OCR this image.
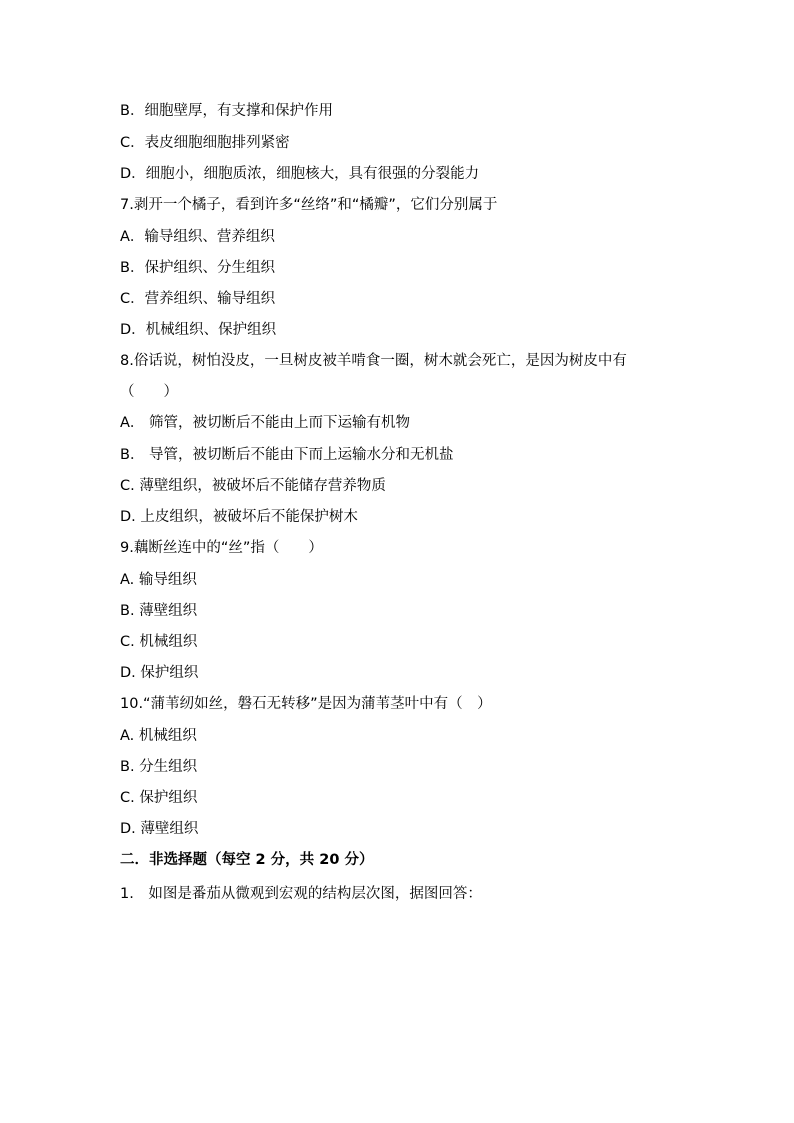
B．细胞壁厚，有支撑和保护作用
C．表皮细胞细胞排列紧密
D．细胞小，细胞质浓，细胞核大，具有很强的分裂能力
7.剥开一个橘子，看到许多“丝络”和“橘瓣”，它们分别属于
A．输导组织、营养组织
B．保护组织、分生组织
C．营养组织、输导组织
D．机械组织、保护组织
8.俗话说，树怕没皮，一旦树皮被羊啃食一圈，树木就会死亡，是因为树皮中有
（　　）
A． 筛管，被切断后不能由上而下运输有机物
B． 导管，被切断后不能由下而上运输水分和无机盐
C. 薄壁组织，被破坏后不能储存营养物质
D. 上皮组织，被破坏后不能保护树木
9.藕断丝连中的“丝”指（　　）
A. 输导组织
B. 薄壁组织
C. 机械组织
D. 保护组织
10.“蒲苇纫如丝，磐石无转移”是因为蒲苇茎叶中有（　）
A. 机械组织
B. 分生组织
C. 保护组织
D. 薄壁组织
二．非选择题（每空 2 分，共 20 分）
1.　如图是番茄从微观到宏观的结构层次图，据图回答：
